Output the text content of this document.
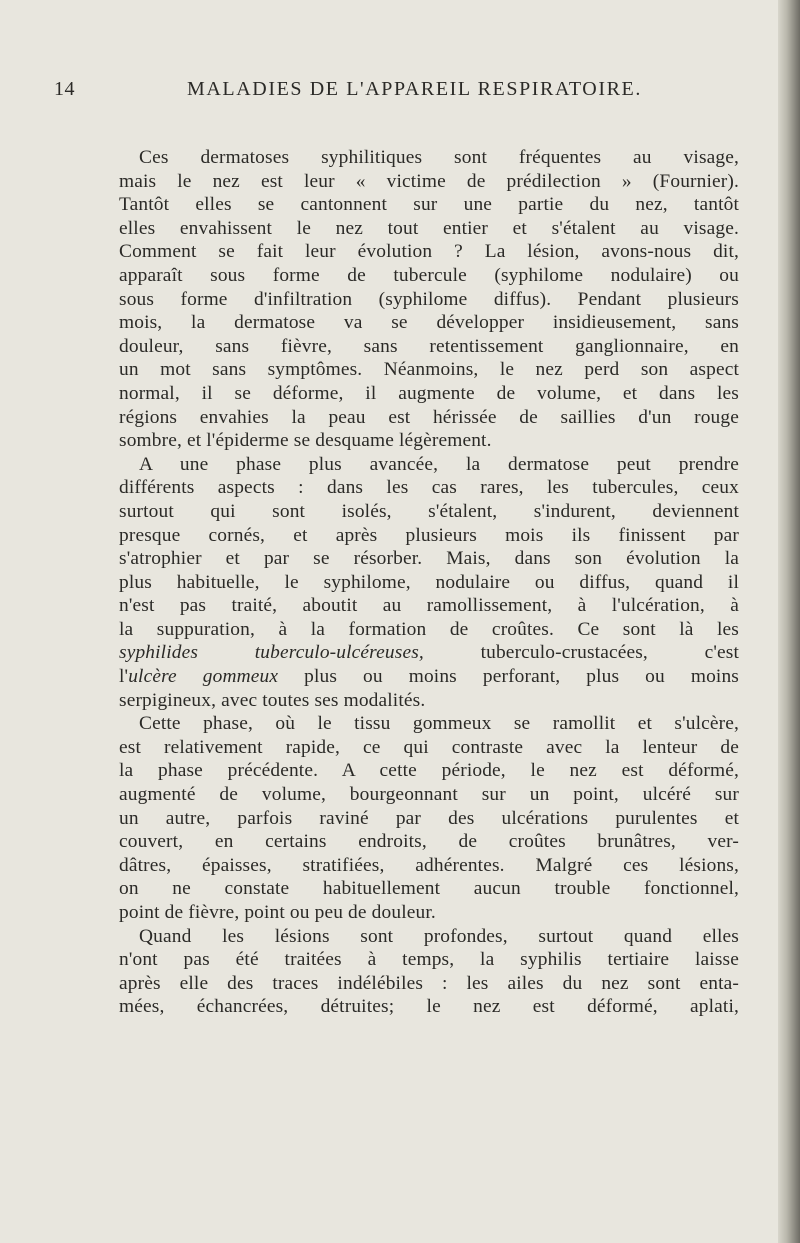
14	MALADIES DE L'APPAREIL RESPIRATOIRE.
Ces dermatoses syphilitiques sont fréquentes au visage,
mais le nez est leur « victime de prédilection » (Fournier).
Tantôt elles se cantonnent sur une partie du nez, tantôt
elles envahissent le nez tout entier et s'étalent au visage.
Comment se fait leur évolution ? La lésion, avons-nous dit,
apparaît sous forme de tubercule (syphilome nodulaire) ou
sous forme d'infiltration (syphilome diffus). Pendant plusieurs
mois, la dermatose va se développer insidieusement, sans
douleur, sans fièvre, sans retentissement ganglionnaire, en
un mot sans symptômes. Néanmoins, le nez perd son aspect
normal, il se déforme, il augmente de volume, et dans les
régions envahies la peau est hérissée de saillies d'un rouge
sombre, et l'épiderme se desquame légèrement.
A une phase plus avancée, la dermatose peut prendre
différents aspects : dans les cas rares, les tubercules, ceux
surtout qui sont isolés, s'étalent, s'indurent, deviennent
presque cornés, et après plusieurs mois ils finissent par
s'atrophier et par se résorber. Mais, dans son évolution la
plus habituelle, le syphilome, nodulaire ou diffus, quand il
n'est pas traité, aboutit au ramollissement, à l'ulcération, à
la suppuration, à la formation de croûtes. Ce sont là les
syphilides tuberculo-ulcéreuses, tuberculo-crustacées, c'est
l'ulcère gommeux plus ou moins perforant, plus ou moins
serpigineux, avec toutes ses modalités.
Cette phase, où le tissu gommeux se ramollit et s'ulcère,
est relativement rapide, ce qui contraste avec la lenteur de
la phase précédente. A cette période, le nez est déformé,
augmenté de volume, bourgeonnant sur un point, ulcéré sur
un autre, parfois raviné par des ulcérations purulentes et
couvert, en certains endroits, de croûtes brunâtres, ver-
dâtres, épaisses, stratifiées, adhérentes. Malgré ces lésions,
on ne constate habituellement aucun trouble fonctionnel,
point de fièvre, point ou peu de douleur.
Quand les lésions sont profondes, surtout quand elles
n'ont pas été traitées à temps, la syphilis tertiaire laisse
après elle des traces indélébiles : les ailes du nez sont enta-
mées, échancrées, détruites; le nez est déformé, aplati,
